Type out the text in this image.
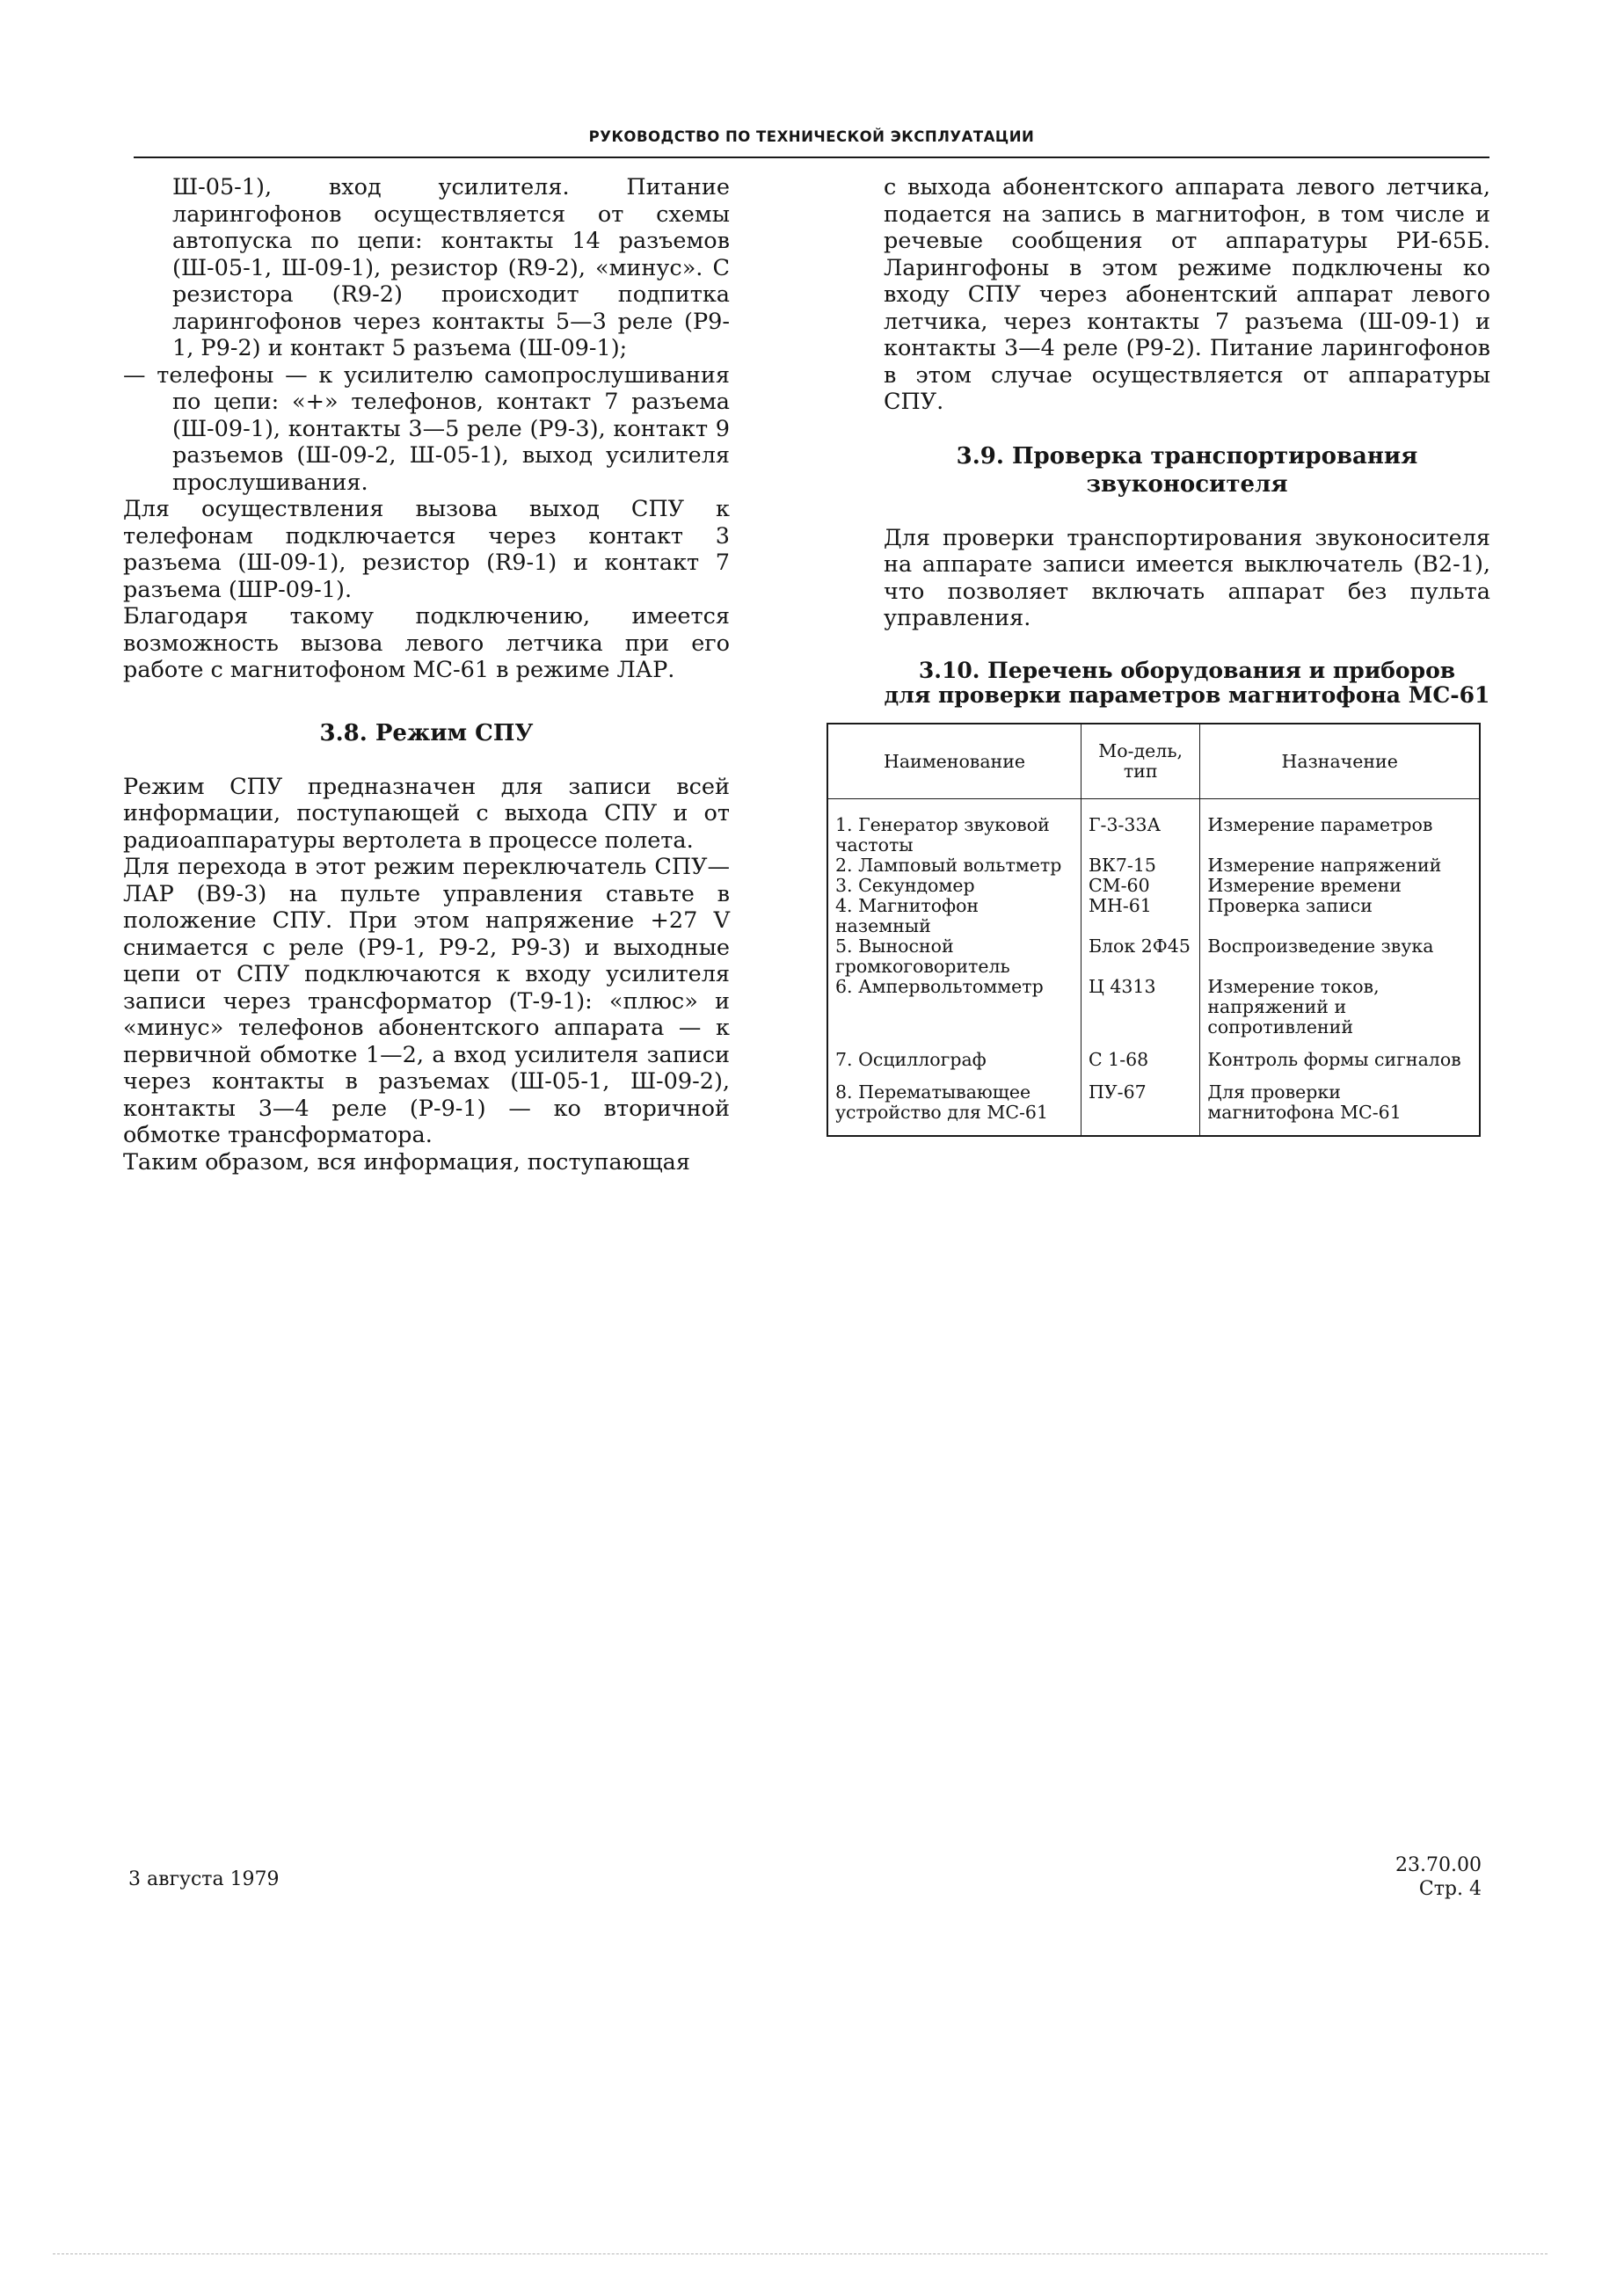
РУКОВОДСТВО ПО ТЕХНИЧЕСКОЙ ЭКСПЛУАТАЦИИ

Ш-05-1), вход усилителя. Питание ларингофонов осуществляется от схемы автопуска по цепи: контакты 14 разъемов (Ш-05-1, Ш-09-1), резистор (R9-2), «минус». С резистора (R9-2) происходит подпитка ларингофонов через контакты 5—3 реле (Р9-1, Р9-2) и контакт 5 разъема (Ш-09-1);

— телефоны — к усилителю самопрослушивания по цепи: «+» телефонов, контакт 7 разъема (Ш-09-1), контакты 3—5 реле (Р9-3), контакт 9 разъемов (Ш-09-2, Ш-05-1), выход усилителя прослушивания.

Для осуществления вызова выход СПУ к телефонам подключается через контакт 3 разъема (Ш-09-1), резистор (R9-1) и контакт 7 разъема (ШР-09-1).

Благодаря такому подключению, имеется возможность вызова левого летчика при его работе с магнитофоном МС-61 в режиме ЛАР.

3.8. Режим СПУ

Режим СПУ предназначен для записи всей информации, поступающей с выхода СПУ и от радиоаппаратуры вертолета в процессе полета.

Для перехода в этот режим переключатель СПУ—ЛАР (В9-3) на пульте управления ставьте в положение СПУ. При этом напряжение +27 V снимается с реле (Р9-1, Р9-2, Р9-3) и выходные цепи от СПУ подключаются к входу усилителя записи через трансформатор (Т-9-1): «плюс» и «минус» телефонов абонентского аппарата — к первичной обмотке 1—2, а вход усилителя записи через контакты в разъемах (Ш-05-1, Ш-09-2), контакты 3—4 реле (Р-9-1) — ко вторичной обмотке трансформатора.

Таким образом, вся информация, поступающая

с выхода абонентского аппарата левого летчика, подается на запись в магнитофон, в том числе и речевые сообщения от аппаратуры РИ-65Б. Ларингофоны в этом режиме подключены ко входу СПУ через абонентский аппарат левого летчика, через контакты 7 разъема (Ш-09-1) и контакты 3—4 реле (Р9-2). Питание ларингофонов в этом случае осуществляется от аппаратуры СПУ.

3.9. Проверка транспортирования
звуконосителя

Для проверки транспортирования звуконосителя на аппарате записи имеется выключатель (В2-1), что позволяет включать аппарат без пульта управления.

3.10. Перечень оборудования и приборов
для проверки параметров магнитофона МС-61
Наименование	Мо-дель, тип	Назначение
1. Генератор звуковой частоты	Г-3-33А	Измерение параметров
2. Ламповый вольтметр	ВК7-15	Измерение напряжений
3. Секундомер	СМ-60	Измерение времени
4. Магнитофон наземный	МН-61	Проверка записи
5. Выносной громкоговоритель	Блок 2Ф45	Воспроизведение звука
6. Ампервольтомметр	Ц 4313	Измерение токов, напряжений и сопротивлений
7. Осциллограф	С 1-68	Контроль формы сигналов
8. Перематывающее устройство для МС-61	ПУ-67	Для проверки магнитофона МС-61
3 августа 1979
23.70.00
Стр. 4
